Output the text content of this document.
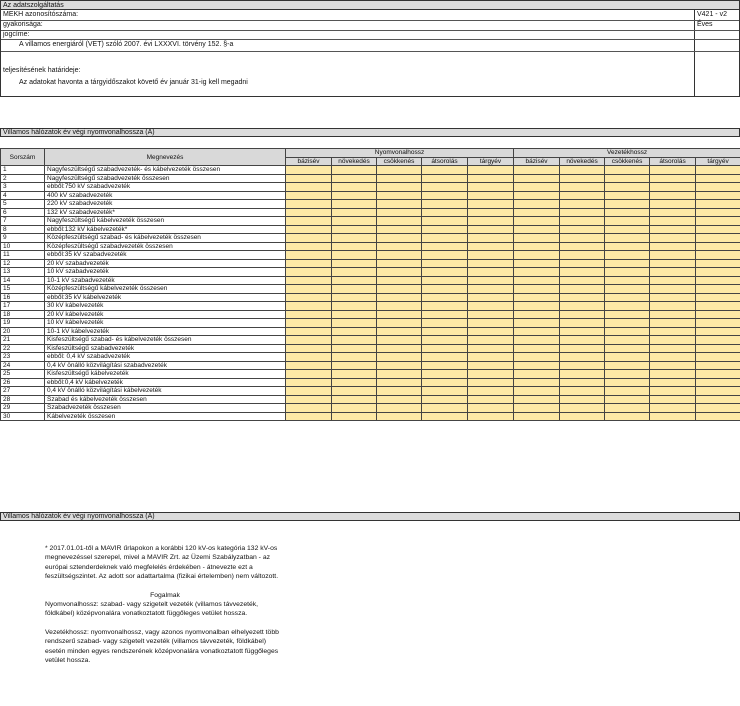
Az adatszolgáltatás
MEKH azonosítószáma:	V421 - v2
gyakorisága:	Éves
jogcíme:
A villamos energiáról (VET) szóló 2007. évi LXXXVI. törvény 152. §-a
teljesítésének határideje:
Az adatokat havonta a tárgyidőszakot követő év január 31-ig kell megadni
Villamos hálózatok év végi nyomvonalhossza (A)
Sorszám	Megnevezés	Nyomvonalhossz					Vezetékhossz				
		bázisév	növekedés	csökkenés	átsorolás	tárgyév	bázisév	növekedés	csökkenés	átsorolás	tárgyév
1	Nagyfeszültségű szabadvezeték- és kábelvezeték összesen										
2	Nagyfeszültségű szabadvezeték összesen										
3	ebből:750 kV szabadvezeték										
4	400 kV szabadvezeték										
5	220 kV szabadvezeték										
6	132 kV szabadvezeték*										
7	Nagyfeszültségű kábelvezeték összesen										
8	ebből:132 kV kábelvezeték*										
9	Középfeszültségű szabad- és kábelvezeték összesen										
10	Középfeszültségű szabadvezeték összesen										
11	ebből:35 kV szabadvezeték										
12	20 kV szabadvezeték										
13	10 kV szabadvezeték										
14	10-1 kV szabadvezeték										
15	Középfeszültségű kábelvezeték összesen										
16	ebből:35 kV kábelvezeték										
17	30 kV kábelvezeték										
18	20 kV kábelvezeték										
19	10 kV kábelvezeték										
20	10-1 kV kábelvezeték										
21	Kisfeszültségű szabad- és kábelvezeték összesen										
22	Kisfeszültségű szabadvezeték										
23	ebből: 0,4 kV szabadvezeték										
24	0,4 kV önálló közvilágítási szabadvezeték										
25	Kisfeszültségű kábelvezeték										
26	ebből:0,4 kV kábelvezeték										
27	0,4 kV önálló közvilágítási kábelvezeték										
28	Szabad és kábelvezeték összesen										
29	Szabadvezeték összesen										
30	Kábelvezeték összesen										
Villamos hálózatok év végi nyomvonalhossza (A)

* 2017.01.01-től a MAVIR űrlapokon a korábbi 120 kV-os kategória 132 kV-os megnevezéssel szerepel, mivel a MAVIR Zrt. az Üzemi Szabályzatban - az európai sztenderdeknek való megfelelés érdekében - átnevezte ezt a feszültségszintet. Az adott sor adattartalma (fizikai értelemben) nem változott.

Fogalmak

Nyomvonalhossz: szabad- vagy szigetelt vezeték (villamos távvezeték, földkábel) középvonalára vonatkoztatott függőleges vetület hossza.

Vezetékhossz: nyomvonalhossz, vagy azonos nyomvonalban elhelyezett több rendszerű szabad- vagy szigetelt vezeték (villamos távvezeték, földkábel) esetén minden egyes rendszerének középvonalára vonatkoztatott függőleges vetület hossza.
